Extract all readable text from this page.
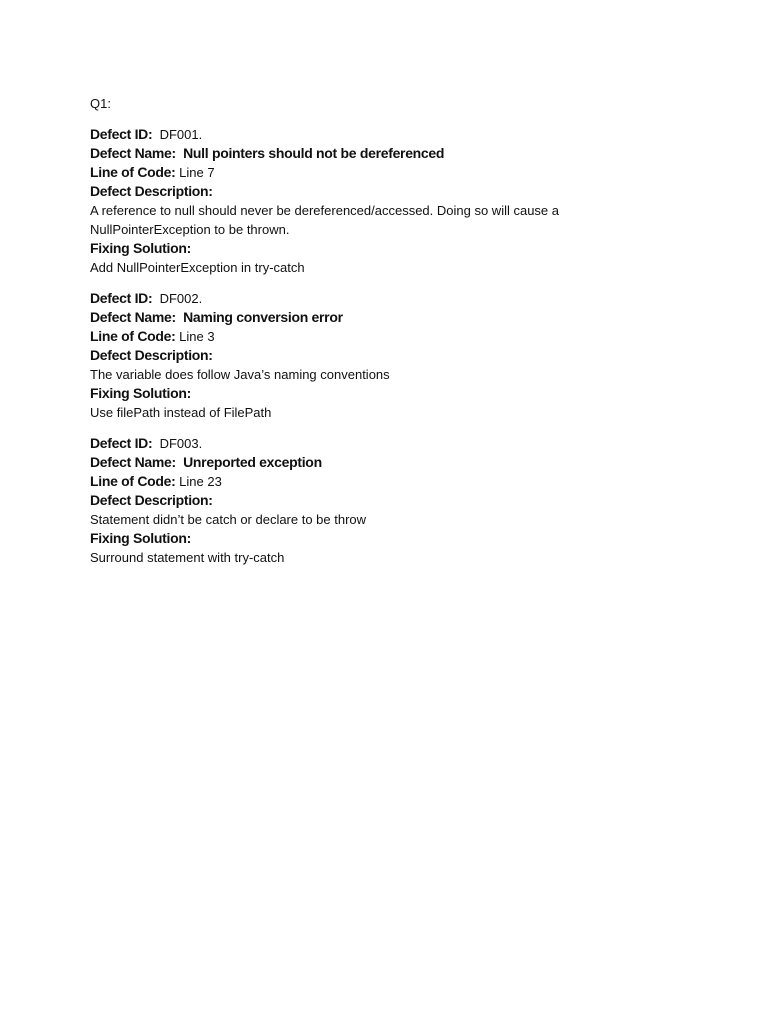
Q1:

Defect ID: DF001.

Defect Name: Null pointers should not be dereferenced

Line of Code: Line 7

Defect Description:

A reference to null should never be dereferenced/accessed. Doing so will cause a NullPointerException to be thrown.

Fixing Solution:

Add NullPointerException in try-catch

Defect ID: DF002.

Defect Name: Naming conversion error

Line of Code: Line 3

Defect Description:

The variable does follow Java’s naming conventions

Fixing Solution:

Use filePath instead of FilePath

Defect ID: DF003.

Defect Name: Unreported exception

Line of Code: Line 23

Defect Description:

Statement didn’t be catch or declare to be throw

Fixing Solution:

Surround statement with try-catch
